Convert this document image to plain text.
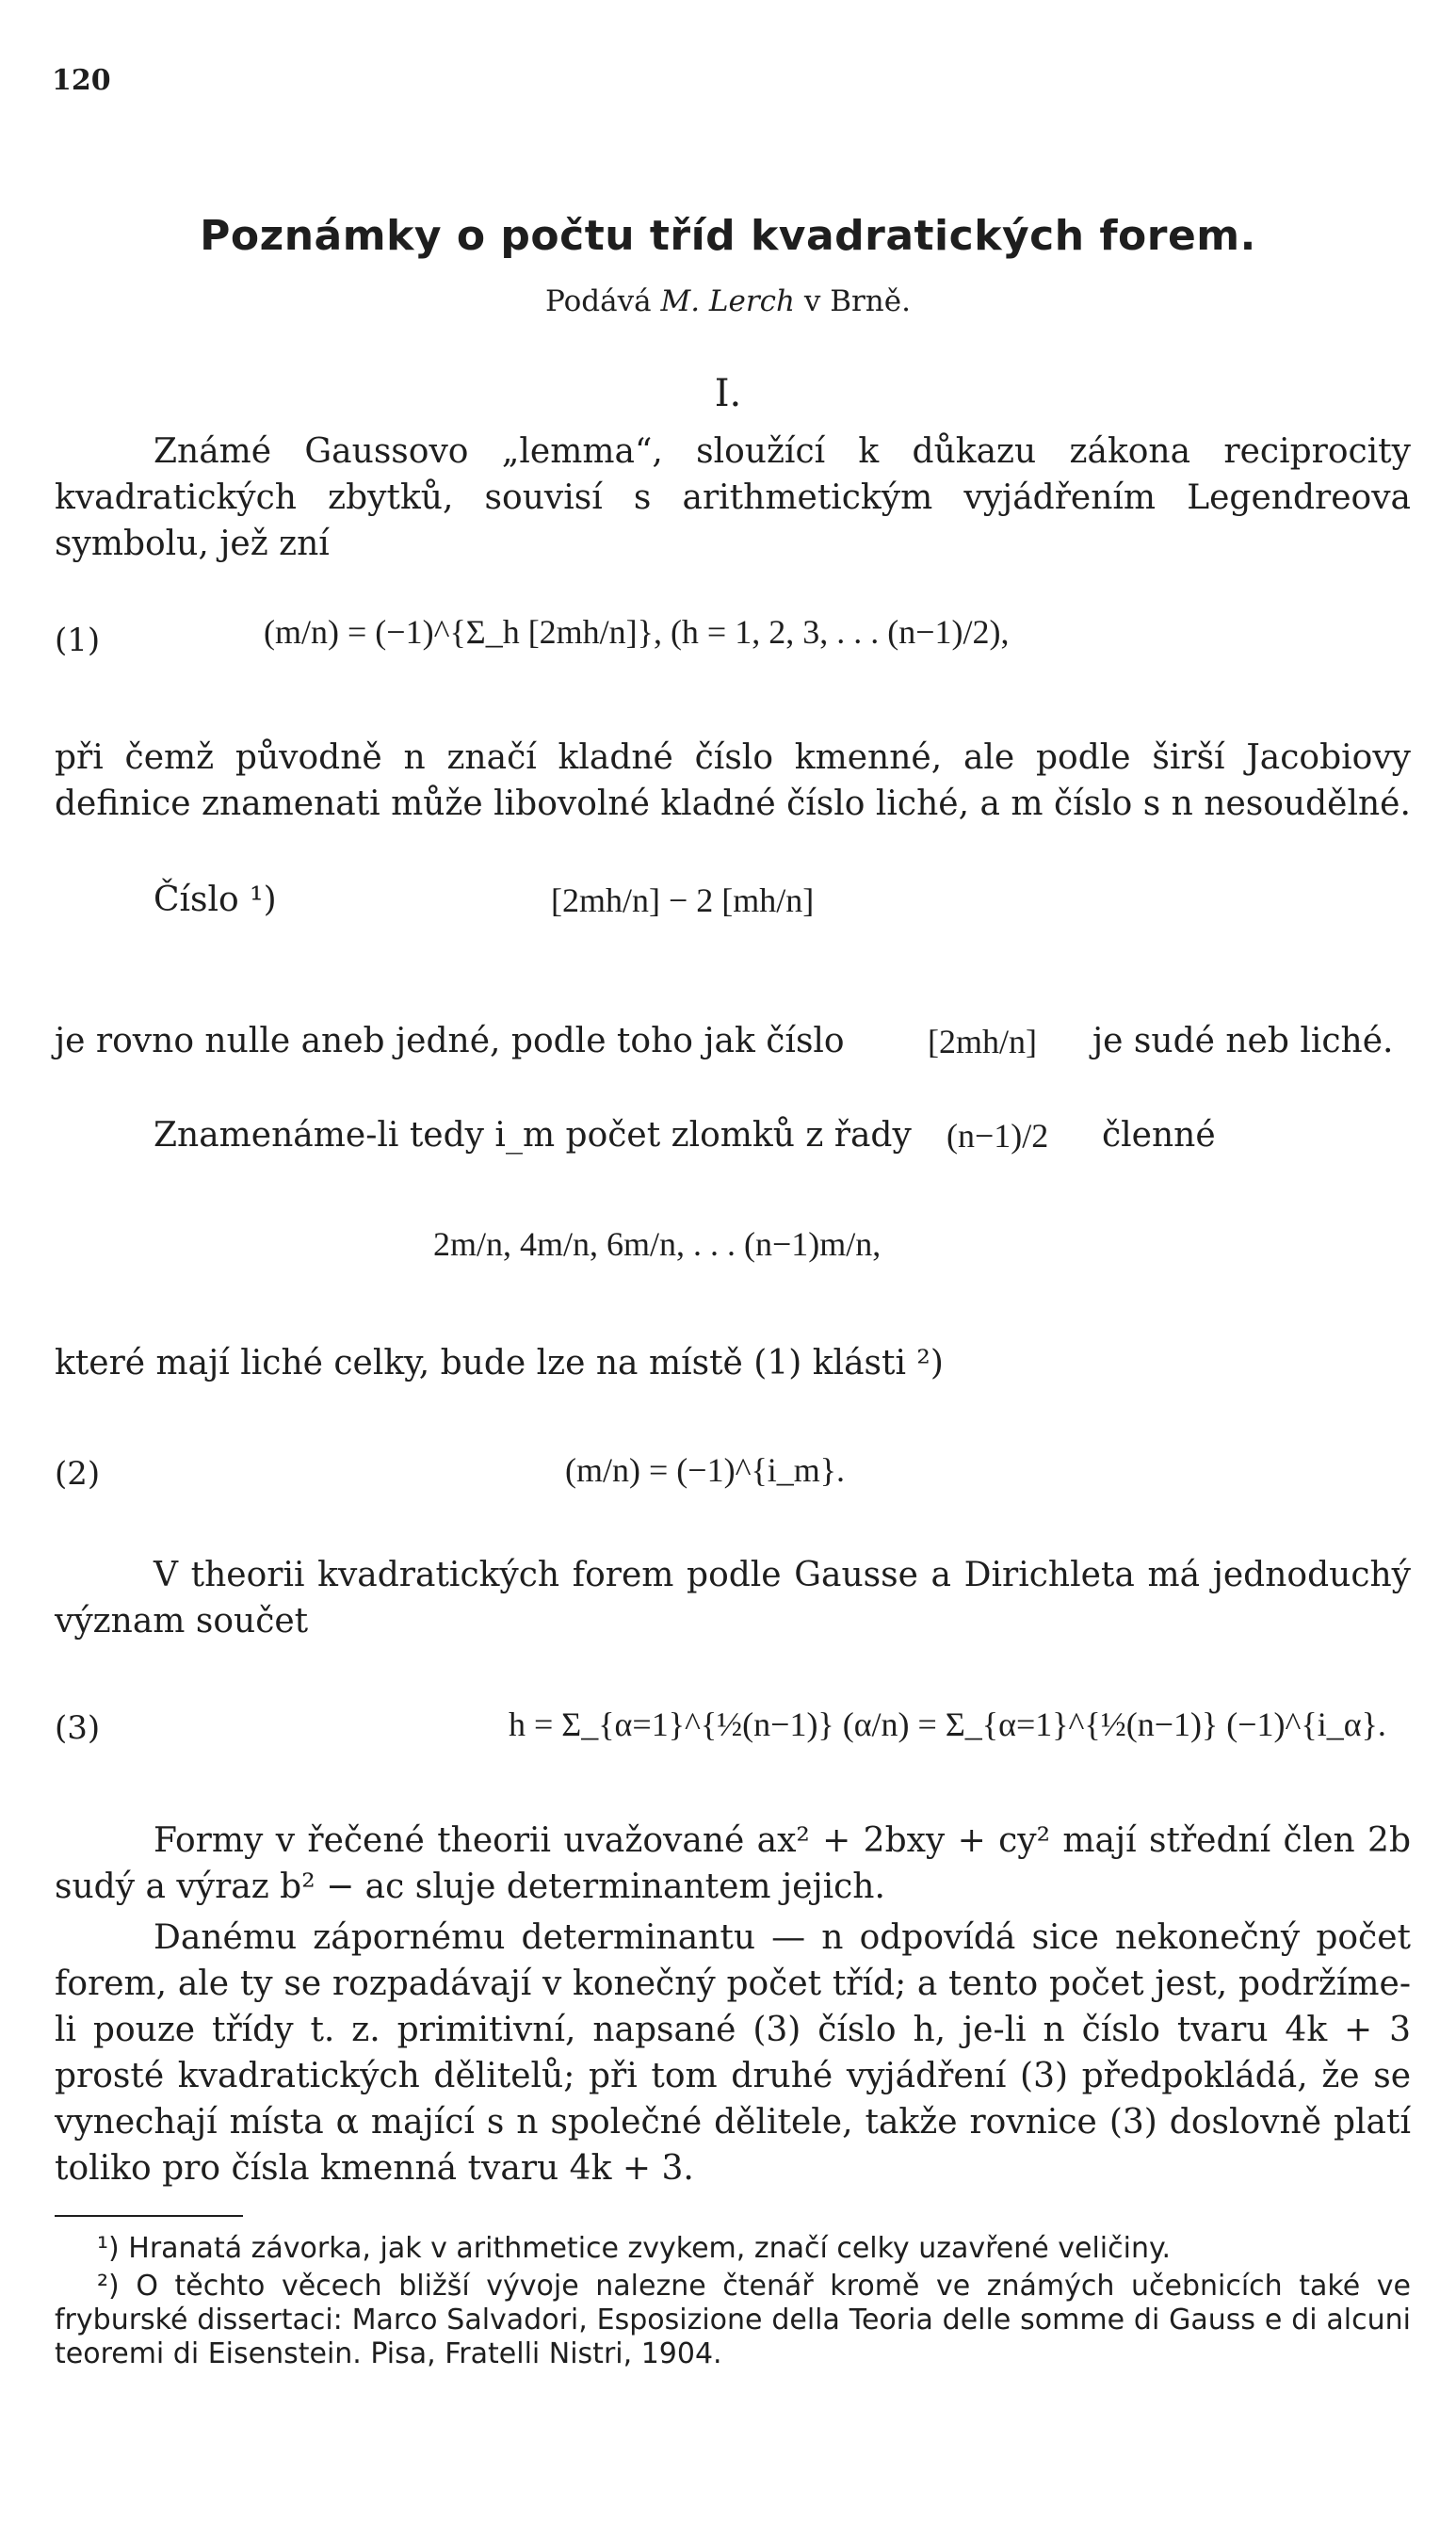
120
Poznámky o počtu tříd kvadratických forem.
Podává M. Lerch v Brně.
I.

Známé Gaussovo „lemma“, sloužící k důkazu zákona reciprocity kvadratických zbytků, souvisí s arithmetickým vyjádřením Legendreova symbolu, jež zní

(1)	(m/n) = (−1)^{Σ_h [2mh/n]}, (h = 1, 2, 3, . . . (n−1)/2),

při čemž původně n značí kladné číslo kmenné, ale podle širší Jacobiovy definice znamenati může libovolné kladné číslo liché, a m číslo s n nesoudělné.

Číslo ¹)	[2mh/n] − 2 [mh/n]
je rovno nulle aneb jedné, podle toho jak číslo [2mh/n] je sudé neb liché.
Znamenáme-li tedy i_m počet zlomků z řady (n−1)/2 členné
2m/n, 4m/n, 6m/n, . . . (n−1)m/n,
které mají liché celky, bude lze na místě (1) klásti ²)
(2)	(m/n) = (−1)^{i_m}.

V theorii kvadratických forem podle Gausse a Dirichleta má jednoduchý význam součet

(3)	h = Σ_{α=1}^{½(n−1)} (α/n) = Σ_{α=1}^{½(n−1)} (−1)^{i_α}.

Formy v řečené theorii uvažované ax² + 2bxy + cy² mají střední člen 2b sudý a výraz b² − ac sluje determinantem jejich.

Danému zápornému determinantu — n odpovídá sice nekonečný počet forem, ale ty se rozpadávají v konečný počet tříd; a tento počet jest, podržíme-li pouze třídy t. z. primitivní, napsané (3) číslo h, je-li n číslo tvaru 4k + 3 prosté kvadratických dělitelů; při tom druhé vyjádření (3) předpokládá, že se vynechají místa α mající s n společné dělitele, takže rovnice (3) doslovně platí toliko pro čísla kmenná tvaru 4k + 3.

¹) Hranatá závorka, jak v arithmetice zvykem, značí celky uzavřené veličiny.

²) O těchto věcech bližší vývoje nalezne čtenář kromě ve známých učebnicích také ve fryburské dissertaci: Marco Salvadori, Esposizione della Teoria delle somme di Gauss e di alcuni teoremi di Eisenstein. Pisa, Fratelli Nistri, 1904.
